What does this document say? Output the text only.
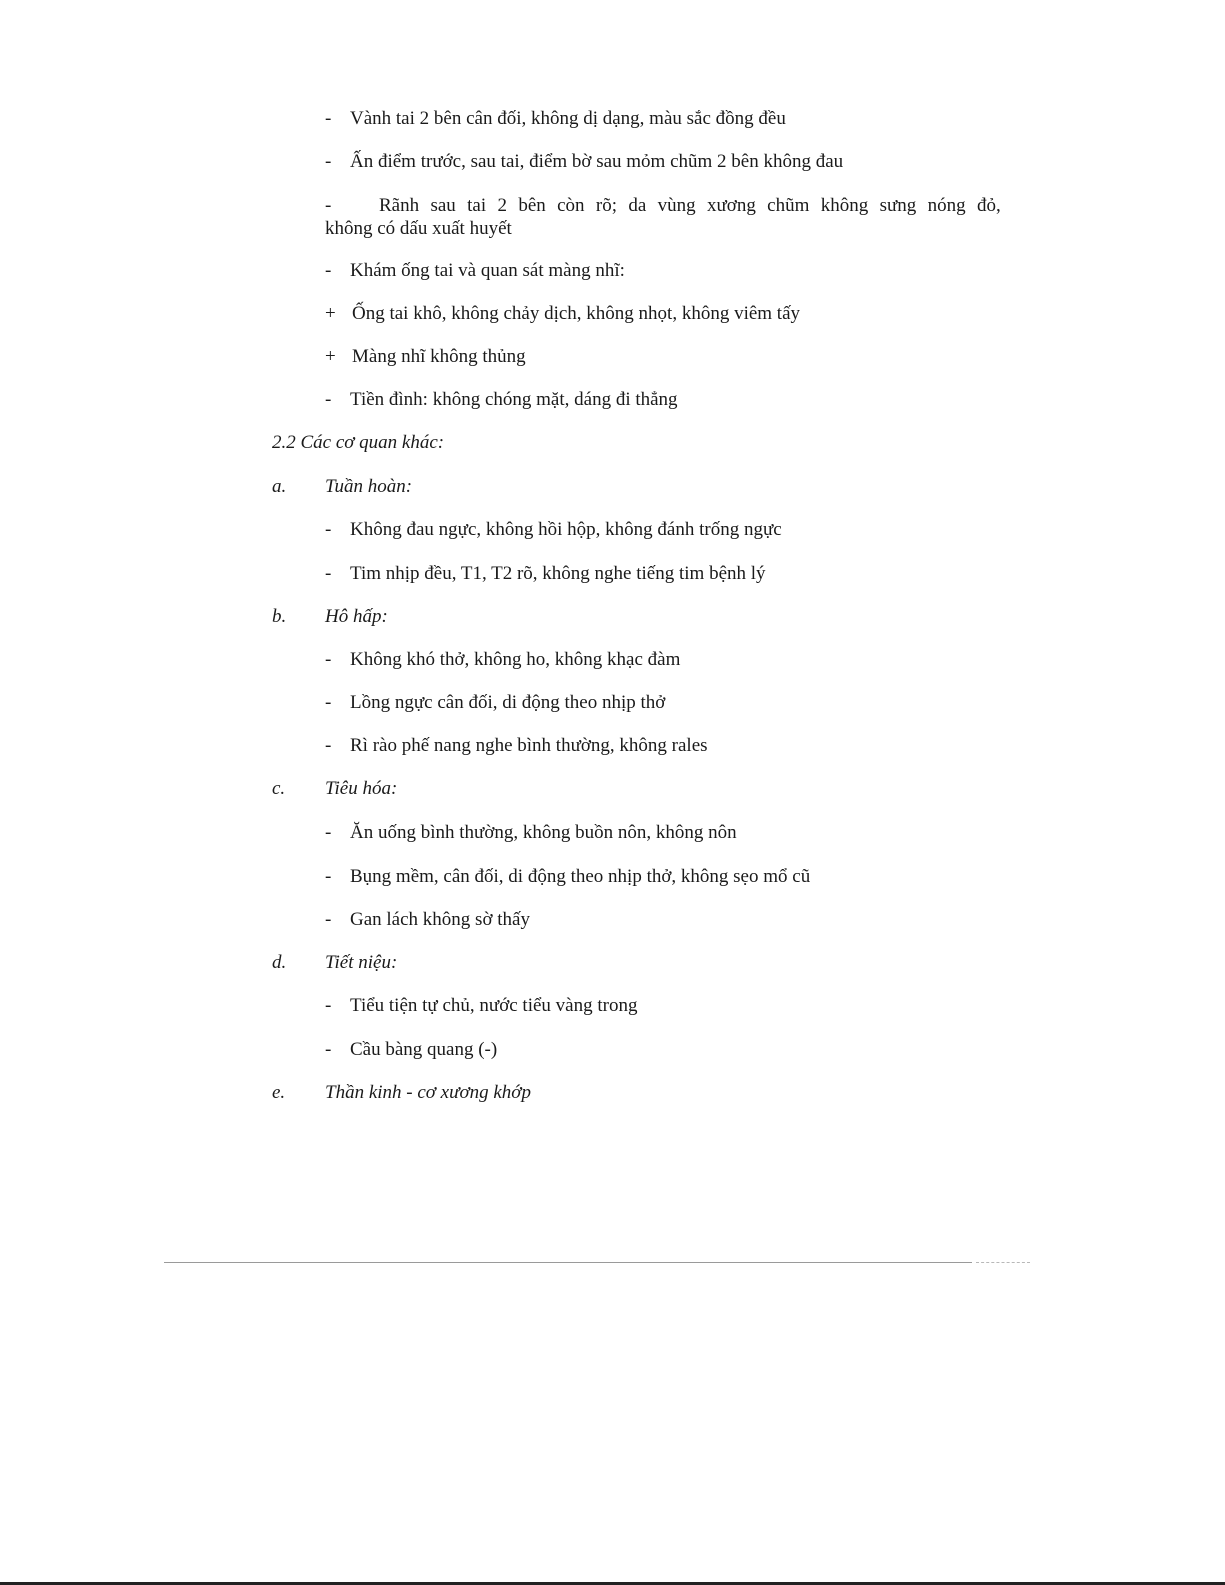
- Vành tai 2 bên cân đối, không dị dạng, màu sắc đồng đều
- Ấn điểm trước, sau tai, điểm bờ sau mỏm chũm 2 bên không đau
-	Rãnh sau tai 2 bên còn rõ; da vùng xương chũm không sưng nóng đỏ,
không có dấu xuất huyết
- Khám ống tai và quan sát màng nhĩ:
+ Ống tai khô, không chảy dịch, không nhọt, không viêm tấy
+ Màng nhĩ không thủng
- Tiền đình: không chóng mặt, dáng đi thẳng
2.2 Các cơ quan khác:
a. Tuần hoàn:
- Không đau ngực, không hồi hộp, không đánh trống ngực
- Tim nhịp đều, T1, T2 rõ, không nghe tiếng tim bệnh lý
b. Hô hấp:
- Không khó thở, không ho, không khạc đàm
- Lồng ngực cân đối, di động theo nhịp thở
- Rì rào phế nang nghe bình thường, không rales
c. Tiêu hóa:
- Ăn uống bình thường, không buồn nôn, không nôn
- Bụng mềm, cân đối, di động theo nhịp thở, không sẹo mổ cũ
- Gan lách không sờ thấy
d. Tiết niệu:
- Tiểu tiện tự chủ, nước tiểu vàng trong
- Cầu bàng quang (-)
e. Thần kinh - cơ xương khớp
